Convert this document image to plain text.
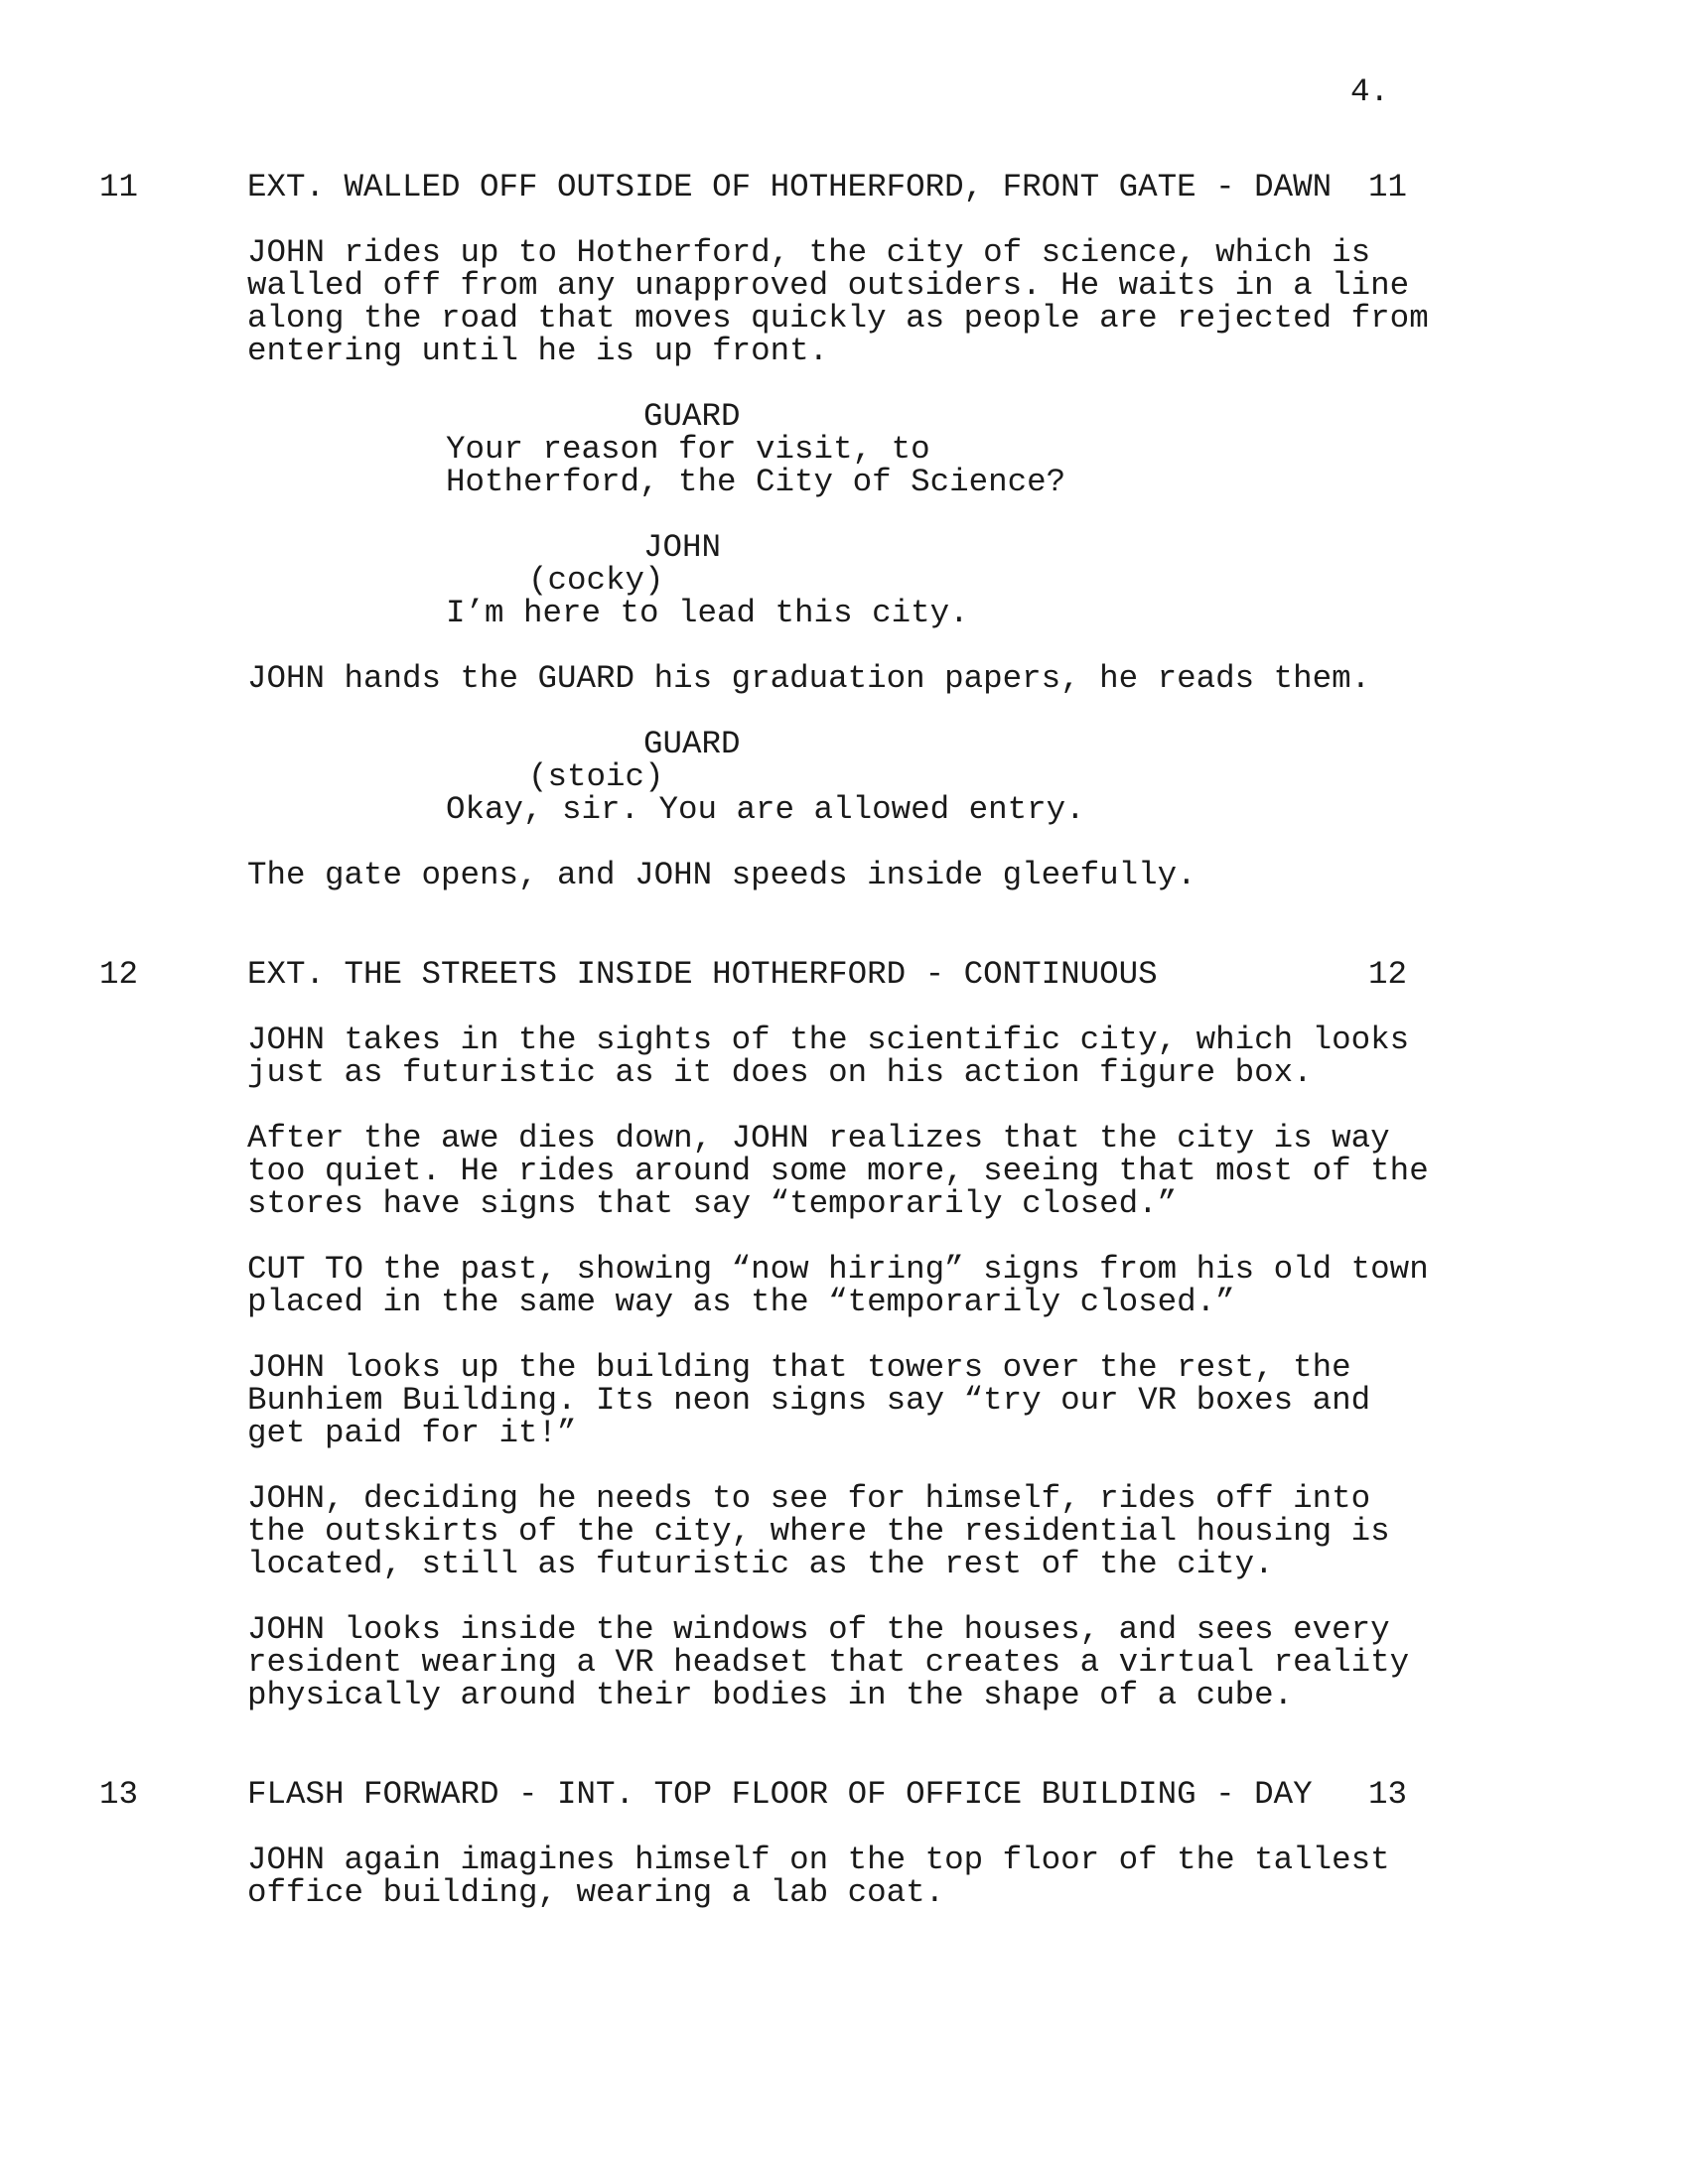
4.
11	EXT. WALLED OFF OUTSIDE OF HOTHERFORD, FRONT GATE - DAWN 11
JOHN rides up to Hotherford, the city of science, which is
walled off from any unapproved outsiders. He waits in a line
along the road that moves quickly as people are rejected from
entering until he is up front.
GUARD
Your reason for visit, to
Hotherford, the City of Science?
JOHN
(cocky)
I’m here to lead this city.
JOHN hands the GUARD his graduation papers, he reads them.
GUARD
(stoic)
Okay, sir. You are allowed entry.
The gate opens, and JOHN speeds inside gleefully.
12	EXT. THE STREETS INSIDE HOTHERFORD - CONTINUOUS	12
JOHN takes in the sights of the scientific city, which looks
just as futuristic as it does on his action figure box.
After the awe dies down, JOHN realizes that the city is way
too quiet. He rides around some more, seeing that most of the
stores have signs that say “temporarily closed.”
CUT TO the past, showing “now hiring” signs from his old town
placed in the same way as the “temporarily closed.”
JOHN looks up the building that towers over the rest, the
Bunhiem Building. Its neon signs say “try our VR boxes and
get paid for it!”
JOHN, deciding he needs to see for himself, rides off into
the outskirts of the city, where the residential housing is
located, still as futuristic as the rest of the city.
JOHN looks inside the windows of the houses, and sees every
resident wearing a VR headset that creates a virtual reality
physically around their bodies in the shape of a cube.
13	FLASH FORWARD - INT. TOP FLOOR OF OFFICE BUILDING - DAY 13
JOHN again imagines himself on the top floor of the tallest
office building, wearing a lab coat.
